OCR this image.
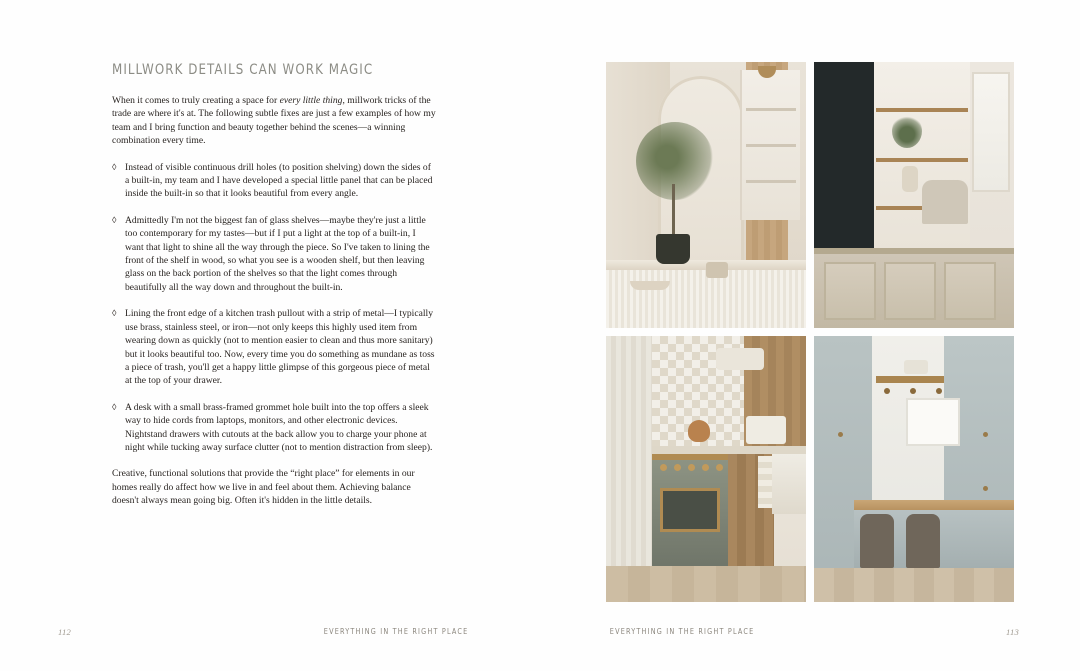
MILLWORK DETAILS CAN WORK MAGIC

When it comes to truly creating a space for every little thing, millwork tricks of the trade are where it's at. The following subtle fixes are just a few examples of how my team and I bring function and beauty together behind the scenes—a winning combination every time.

◊ Instead of visible continuous drill holes (to position shelving) down the sides of a built-in, my team and I have developed a special little panel that can be placed inside the built-in so that it looks beautiful from every angle.
◊ Admittedly I'm not the biggest fan of glass shelves—maybe they're just a little too contemporary for my tastes—but if I put a light at the top of a built-in, I want that light to shine all the way through the piece. So I've taken to lining the front of the shelf in wood, so what you see is a wooden shelf, but then leaving glass on the back portion of the shelves so that the light comes through beautifully all the way down and throughout the built-in.
◊ Lining the front edge of a kitchen trash pullout with a strip of metal—I typically use brass, stainless steel, or iron—not only keeps this highly used item from wearing down as quickly (not to mention easier to clean and thus more sanitary) but it looks beautiful too. Now, every time you do something as mundane as toss a piece of trash, you'll get a happy little glimpse of this gorgeous piece of metal at the top of your drawer.
◊ A desk with a small brass-framed grommet hole built into the top offers a sleek way to hide cords from laptops, monitors, and other electronic devices. Nightstand drawers with cutouts at the back allow you to charge your phone at night while tucking away surface clutter (not to mention distraction from sleep).

Creative, functional solutions that provide the “right place” for elements in our homes really do affect how we live in and feel about them. Achieving balance doesn't always mean going big. Often it's hidden in the little details.

112	EVERYTHING IN THE RIGHT PLACE	EVERYTHING IN THE RIGHT PLACE	113
